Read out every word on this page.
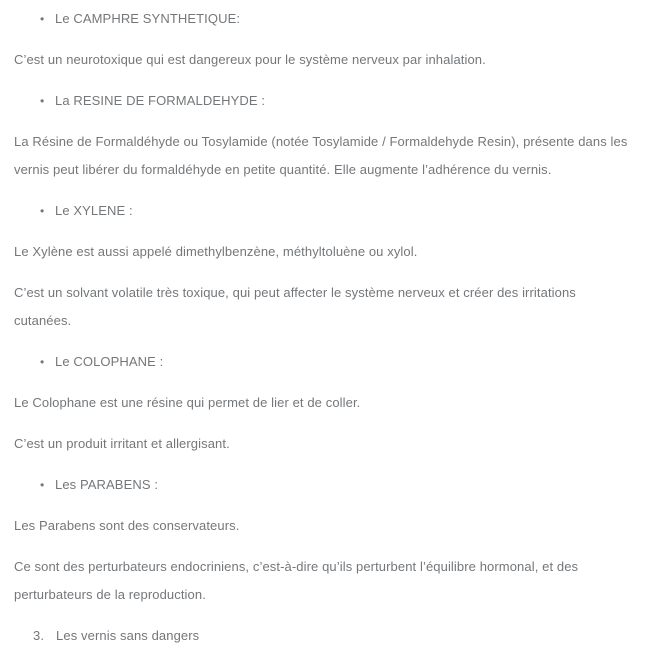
• Le CAMPHRE SYNTHETIQUE:
C’est un neurotoxique qui est dangereux pour le système nerveux par inhalation.
• La RESINE DE FORMALDEHYDE :
La Résine de Formaldéhyde ou Tosylamide (notée Tosylamide / Formaldehyde Resin), présente dans les
vernis peut libérer du formaldéhyde en petite quantité. Elle augmente l’adhérence du vernis.
• Le XYLENE :
Le Xylène est aussi appelé dimethylbenzène, méthyltoluène ou xylol.
C’est un solvant volatile très toxique, qui peut affecter le système nerveux et créer des irritations
cutanées.
• Le COLOPHANE :
Le Colophane est une résine qui permet de lier et de coller.
C’est un produit irritant et allergisant.
• Les PARABENS :
Les Parabens sont des conservateurs.
Ce sont des perturbateurs endocriniens, c’est-à-dire qu’ils perturbent l’équilibre hormonal, et des
perturbateurs de la reproduction.
3. Les vernis sans dangers
